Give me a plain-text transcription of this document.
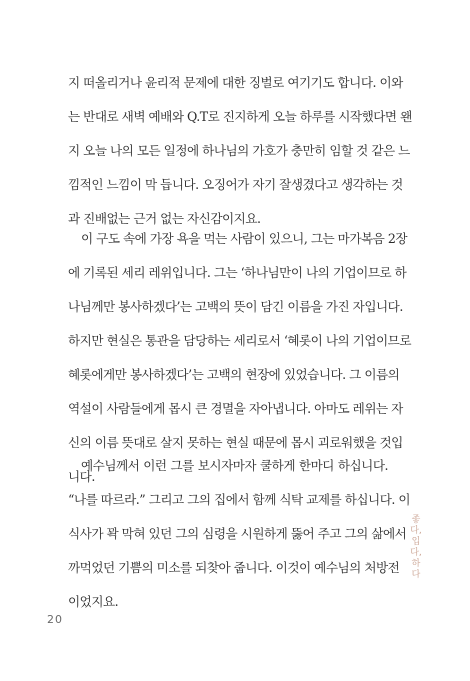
지 떠올리거나 윤리적 문제에 대한 징벌로 여기기도 합니다. 이와
는 반대로 새벽 예배와 Q.T로 진지하게 오늘 하루를 시작했다면 왠
지 오늘 나의 모든 일정에 하나님의 가호가 충만히 임할 것 같은 느
낌적인 느낌이 막 듭니다. 오징어가 자기 잘생겼다고 생각하는 것
과 진배없는 근거 없는 자신감이지요.
이 구도 속에 가장 욕을 먹는 사람이 있으니, 그는 마가복음 2장
에 기록된 세리 레위입니다. 그는 ‘하나님만이 나의 기업이므로 하
나님께만 봉사하겠다’는 고백의 뜻이 담긴 이름을 가진 자입니다.
하지만 현실은 통관을 담당하는 세리로서 ‘혜롯이 나의 기업이므로
혜롯에게만 봉사하겠다’는 고백의 현장에 있었습니다. 그 이름의
역설이 사람들에게 몹시 큰 경멸을 자아냅니다. 아마도 레위는 자
신의 이름 뜻대로 살지 못하는 현실 때문에 몹시 괴로워했을 것입
니다.
예수님께서 이런 그를 보시자마자 쿨하게 한마디 하십니다.
“나를 따르라.” 그리고 그의 집에서 함께 식탁 교제를 하십니다. 이
식사가 꽉 막혀 있던 그의 심령을 시원하게 뚫어 주고 그의 삶에서
까먹었던 기쁨의 미소를 되찾아 줍니다. 이것이 예수님의 처방전
이었지요.
좋
다,
입
다,
하
다
20
